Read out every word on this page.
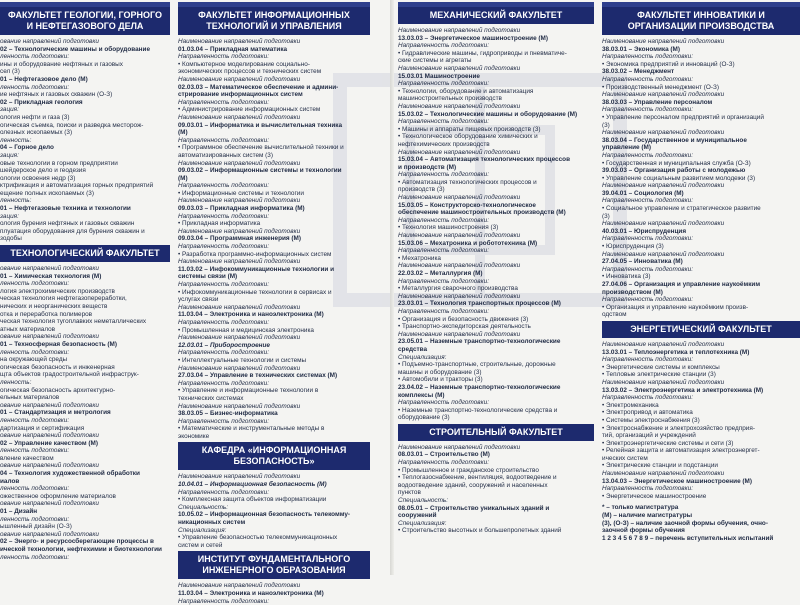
ФАКУЛЬТЕТ ГЕОЛОГИИ, ГОРНОГО И НЕФТЕГАЗОВОГО ДЕЛА
ование направлений подготовки
02 – Технологические машины и оборудование
ленность подготовки:
ины и оборудование нефтяных и газовых
сел (3)
01 – Нефтегазовое дело (М)
ленность подготовки:
ие нефтяных и газовых скважин (О-З)
02 – Прикладная геология
зация:
ология нефти и газа (3)
огическая съемка, поиски и разведка месторож-
олезных ископаемых (3)
ленность:
04 – Горное дело
зация:
овые технологии в горном предприятии
шейдерское дело и геодезия
ологии освоения недр (3)
ктрификация и автоматизация горных предприятий
ещение полных ископаемых (3)
ленность:
01 – Нефтегазовые техника и технологии
зация:
ология бурения нефтяных и газовых скважин
плуатация оборудования для бурения скважин и
зодобы
ТЕХНОЛОГИЧЕСКИЙ ФАКУЛЬТЕТ
ование направлений подготовки
01 – Химическая технология (М)
ленность подготовки:
логия электрохимических производств
ческая технология нефтегазопереработки,
нических и неорганических веществ
отка и переработка полимеров
ческая технология тугоплавких неметаллических
атных материалов
ование направлений подготовки
01 – Техносферная безопасность (М)
ленность подготовки:
на окружающей среды
огическая безопасность и инженерная
щта объектов градостроительной инфраструк-
ленность:
огическая безопасность архитектурно-
ельных материалов
ование направлений подготовки
01 – Стандартизация и метрология
ленность подготовки:
дартизация и сертификация
ование направлений подготовки
02 – Управление качеством (М)
ленность подготовки:
вление качеством
ование направлений подготовки
04 – Технология художественной обработки
иалов
ленность подготовки:
ожественное оформление материалов
ование направлений подготовки
01 – Дизайн
ленность подготовки:
ышленный дизайн (О-З)
ование направлений подготовки
02 – Энерго- и ресурсосберегающие процессы в
ической технологии, нефтехимии и биотехнологии
ленность подготовки:
ФАКУЛЬТЕТ ИНФОРМАЦИОННЫХ ТЕХНОЛОГИЙ И УПРАВЛЕНИЯ
Наименование направлений подготовки
01.03.04 – Прикладная математика
Направленность подготовки:
• Компьютерное моделирование социально-
экономических процессов и технических систем
Наименование направлений подготовки
02.03.03 – Математическое обеспечение и админи-
стрирование информационных систем
Направленность подготовки:
• Администрирование информационных систем
Наименование направлений подготовки
09.03.01 – Информатика и вычислительная техника
(М)
Направленность подготовки:
• Программное обеспечение вычислительной техники и
автоматизированных систем (3)
Наименование направлений подготовки
09.03.02 – Информационные системы и технологии
(М)
Направленность подготовки:
• Информационные системы и технологии
Наименование направлений подготовки
09.03.03 – Прикладная информатика (М)
Направленность подготовки:
• Прикладная информатика
Наименование направлений подготовки
09.03.04 – Программная инженерия (М)
Направленность подготовки:
• Разработка программно-информационных систем
Наименование направлений подготовки
11.03.02 – Инфокоммуникационные технологии и
системы связи (М)
Направленность подготовки:
• Инфокоммуникационные технологии в сервисах и
услугах связи
Наименование направлений подготовки
11.03.04 – Электроника и наноэлектроника (М)
Направленность подготовки:
• Промышленная и медицинская электроника
Наименование направлений подготовки
12.03.01 – Приборостроение
Направленность подготовки:
• Интеллектуальные технологии и системы
Наименование направлений подготовки
27.03.04 – Управление в технических системах (М)
Направленность подготовки:
• Управление и информационные технологии в
технических системах
Наименование направлений подготовки
38.03.05 – Бизнес-информатика
Направленность подготовки:
• Математические и инструментальные методы в
экономике
КАФЕДРА «ИНФОРМАЦИОННАЯ БЕЗОПАСНОСТЬ»
Наименование направлений подготовки
10.04.01 – Информационная безопасность (М)
Направленность подготовки:
• Комплексная защита объектов информатизации
Специальность:
10.05.02 – Информационная безопасность телекомму-
никационных систем
Специализация:
• Управление безопасностью телекоммуникационных
систем и сетей
ИНСТИТУТ ФУНДАМЕНТАЛЬНОГО ИНЖЕНЕРНОГО ОБРАЗОВАНИЯ
Наименование направлений подготовки
11.03.04 – Электроника и наноэлектроника (М)
Направленность подготовки:
МЕХАНИЧЕСКИЙ ФАКУЛЬТЕТ
Наименование направлений подготовки
13.03.03 – Энергетическое машиностроение (М)
Направленность подготовки:
• Гидравлические машины, гидроприводы и пневматиче-
ские системы и агрегаты
Наименование направлений подготовки
15.03.01 Машиностроение
Направленность подготовки:
• Технологии, оборудование и автоматизация
машиностроительных производств
Наименование направлений подготовки
15.03.02 – Технологические машины и оборудование (М)
Направленность подготовки:
• Машины и аппараты пищевых производств (3)
• Технологическое оборудование химических и
нефтехимических производств
Наименование направлений подготовки
15.03.04 – Автоматизация технологических процессов
и производств (М)
Направленность подготовки:
• Автоматизация технологических процессов и
производств (3)
Наименование направлений подготовки
15.03.05 – Конструкторско-технологическое
обеспечение машиностроительных производств (М)
Направленность подготовки:
• Технология машиностроения (3)
Наименование направлений подготовки
15.03.06 – Мехатроника и робототехника (М)
Направленность подготовки:
• Мехатроника
Наименование направлений подготовки
22.03.02 – Металлургия (М)
Направленность подготовки:
• Металлургия сварочного производства
Наименование направлений подготовки
23.03.01 – Технология транспортных процессов (М)
Направленность подготовки:
• Организация и безопасность движения (3)
• Транспортно-экспедиторская деятельность
Наименование направлений подготовки
23.05.01 – Наземные транспортно-технологические
средства
Специализация:
• Подъемно-транспортные, строительные, дорожные
машины и оборудование (3)
• Автомобили и тракторы (3)
23.04.02 – Наземные транспортно-технологические
комплексы (М)
Направленность подготовки:
• Наземные транспортно-технологические средства и
оборудование (3)
СТРОИТЕЛЬНЫЙ ФАКУЛЬТЕТ
Наименование направлений подготовки
08.03.01 – Строительство (М)
Направленность подготовки:
• Промышленное и гражданское строительство
• Теплогазоснабжение, вентиляция, водоотведение и
водоотведение зданий, сооружений и населенных
пунктов
Специальность:
08.05.01 – Строительство уникальных зданий и
сооружений
Специализация:
• Строительство высотных и большепролетных зданий
ФАКУЛЬТЕТ ИННОВАТИКИ И ОРГАНИЗАЦИИ ПРОИЗВОДСТВА
Наименование направлений подготовки
38.03.01 – Экономика (М)
Направленность подготовки:
• Экономика предприятий и инноваций (О-З)
38.03.02 – Менеджмент
Направленность подготовки:
• Производственный менеджмент (О-З)
Наименование направлений подготовки
38.03.03 – Управление персоналом
Направленность подготовки:
• Управление персоналом предприятий и организаций
(3)
Наименование направлений подготовки
38.03.04 – Государственное и муниципальное
управление (М)
Направленность подготовки:
• Государственная и муниципальная служба (О-З)
39.03.03 – Организация работы с молодежью
• Управление социальным развитием молодежи (3)
Наименование направлений подготовки
39.04.01 – Социология (М)
Направленность подготовки:
• Социальное управление и стратегическое развитие
(3)
Наименование направлений подготовки
40.03.01 – Юриспруденция
Направленность подготовки:
• Юриспруденция (3)
Наименование направлений подготовки
27.04.05 – Инноватика (М)
Направленность подготовки:
• Инноватика (3)
27.04.06 – Организация и управление наукоёмким
производством (М)
Направленность подготовки:
• Организация и управление наукоёмким произв-
одством
ЭНЕРГЕТИЧЕСКИЙ ФАКУЛЬТЕТ
Наименование направлений подготовки
13.03.01 – Теплоэнергетика и теплотехника (М)
Направленность подготовки:
• Энергетические системы и комплексы
• Тепловые электрические станции (3)
Наименование направлений подготовки
13.03.02 – Электроэнергетика и электротехника (М)
Направленность подготовки:
• Электромеханика
• Электропривод и автоматика
• Системы электроснабжения (3)
• Электроснабжение и электрохозяйство предприя-
тий, организаций и учреждений
• Электроэнергетические системы и сети (3)
• Релейная защита и автоматизация электроэнергет-
ических систем
• Электрические станции и подстанции
Наименование направлений подготовки
13.04.03 – Энергетическое машиностроение (М)
Направленность подготовки:
• Энергетическое машиностроение
* – только магистратура
(М) – наличие магистратуры
(3), (О-З) – наличие заочной формы обучения, очно-
заочной формы обучения
1 2 3 4 5 6 7 8 9 – перечень вступительных испытаний
